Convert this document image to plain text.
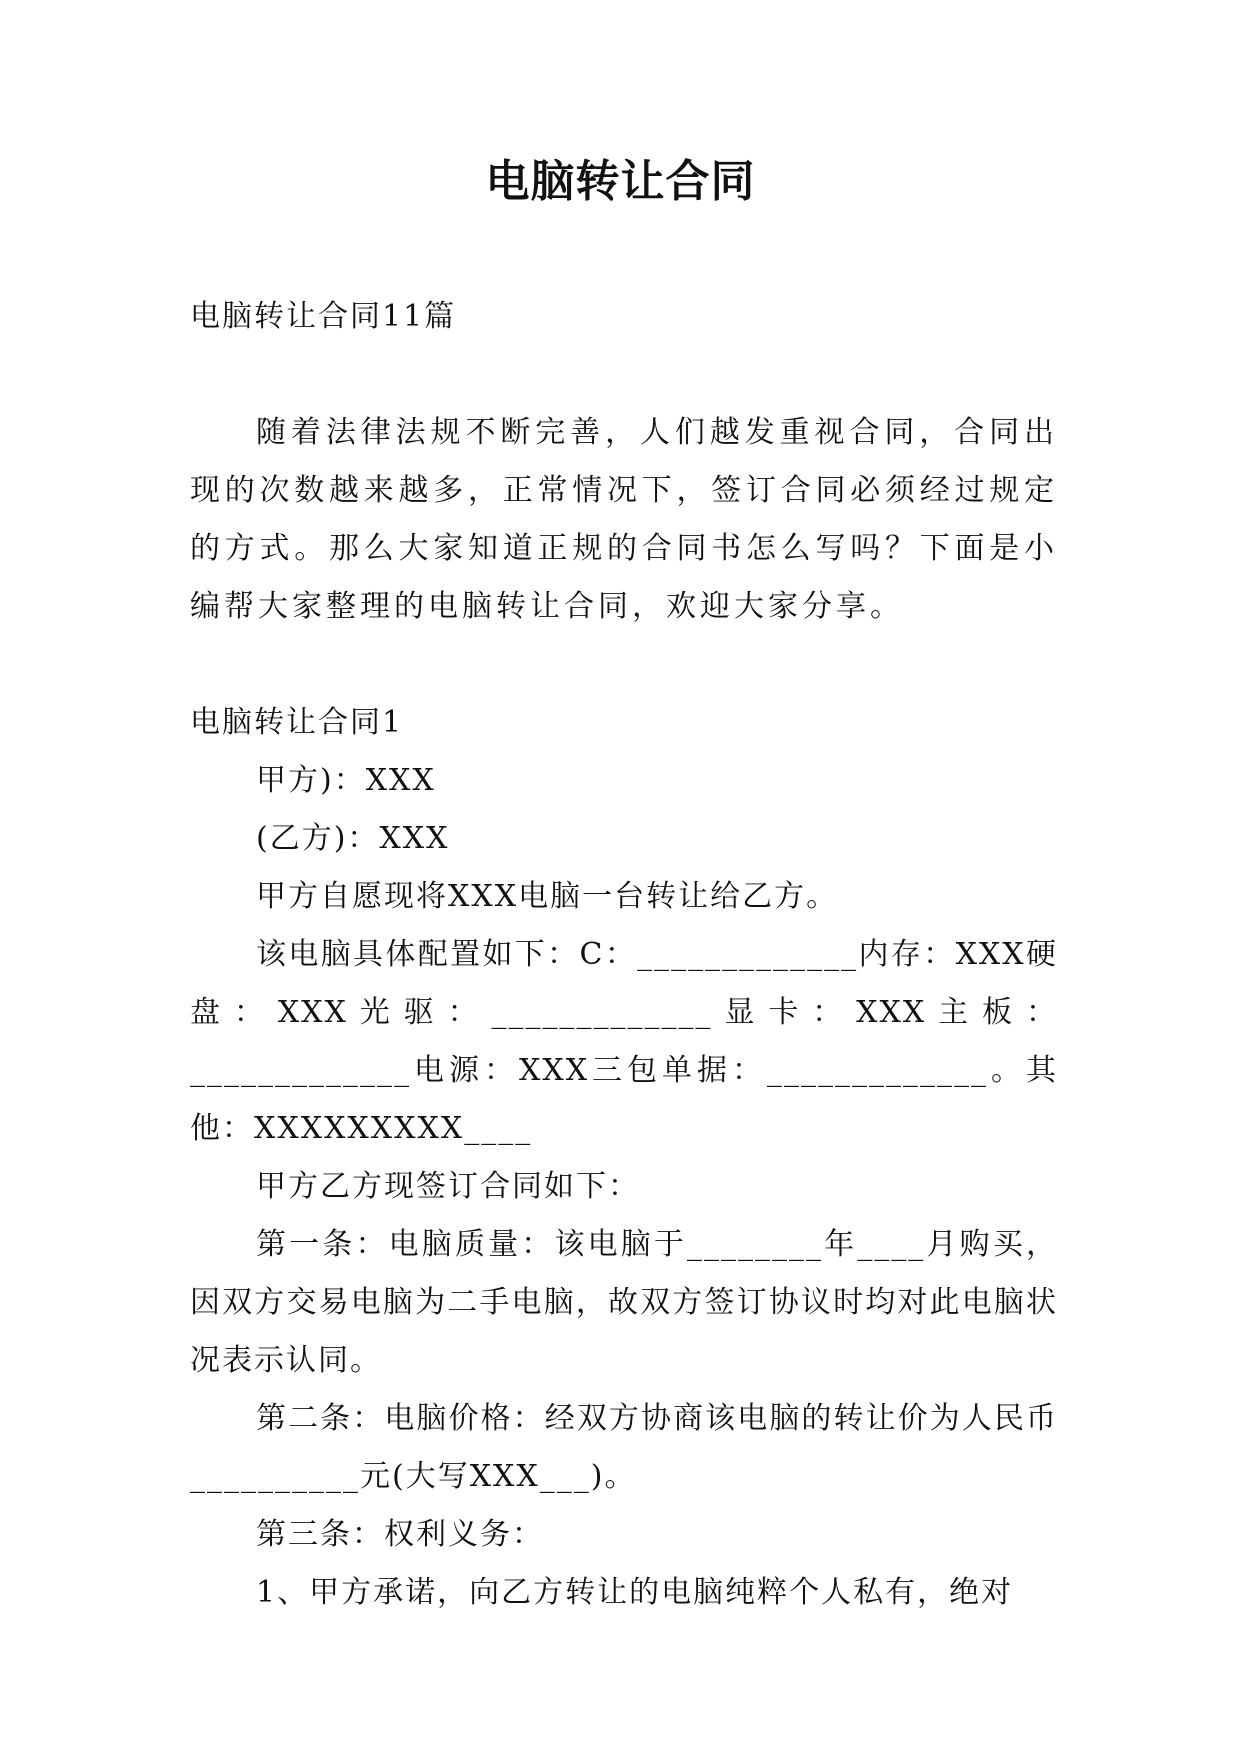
电脑转让合同

电脑转让合同11篇

随着法律法规不断完善，人们越发重视合同，合同出现的次数越来越多，正常情况下，签订合同必须经过规定的方式。那么大家知道正规的合同书怎么写吗？下面是小编帮大家整理的电脑转让合同，欢迎大家分享。

电脑转让合同1

甲方)：XXX

(乙方)：XXX

甲方自愿现将XXX电脑一台转让给乙方。

该电脑具体配置如下：C：_____________内存：XXX硬盘：XXX光驱：_____________显卡：XXX主板：_____________电源：XXX三包单据：_____________。其他：XXXXXXXXX____

甲方乙方现签订合同如下：

第一条：电脑质量：该电脑于________年____月购买，因双方交易电脑为二手电脑，故双方签订协议时均对此电脑状况表示认同。

第二条：电脑价格：经双方协商该电脑的转让价为人民币__________元(大写XXX___)。

第三条：权利义务：

1、甲方承诺，向乙方转让的电脑纯粹个人私有，绝对
